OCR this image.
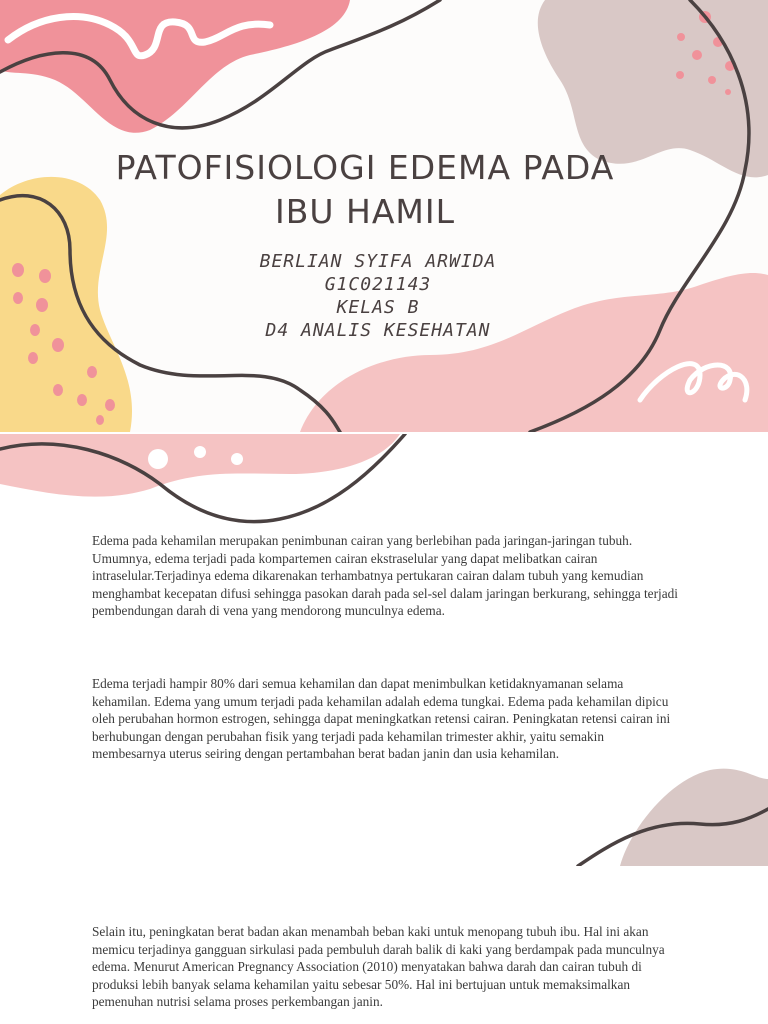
PATOFISIOLOGI EDEMA PADA
IBU HAMIL
BERLIAN SYIFA ARWIDA
G1C021143
KELAS B
D4 ANALIS KESEHATAN

Edema pada kehamilan merupakan penimbunan cairan yang berlebihan pada jaringan-jaringan tubuh. Umumnya, edema terjadi pada kompartemen cairan ekstraselular yang dapat melibatkan cairan intraselular.Terjadinya edema dikarenakan terhambatnya pertukaran cairan dalam tubuh yang kemudian menghambat kecepatan difusi sehingga pasokan darah pada sel-sel dalam jaringan berkurang, sehingga terjadi pembendungan darah di vena yang mendorong munculnya edema.

Edema terjadi hampir 80% dari semua kehamilan dan dapat menimbulkan ketidaknyamanan selama kehamilan. Edema yang umum terjadi pada kehamilan adalah edema tungkai. Edema pada kehamilan dipicu oleh perubahan hormon estrogen, sehingga dapat meningkatkan retensi cairan. Peningkatan retensi cairan ini berhubungan dengan perubahan fisik yang terjadi pada kehamilan trimester akhir, yaitu semakin membesarnya uterus seiring dengan pertambahan berat badan janin dan usia kehamilan.

Selain itu, peningkatan berat badan akan menambah beban kaki untuk menopang tubuh ibu. Hal ini akan memicu terjadinya gangguan sirkulasi pada pembuluh darah balik di kaki yang berdampak pada munculnya edema. Menurut American Pregnancy Association (2010) menyatakan bahwa darah dan cairan tubuh di produksi lebih banyak selama kehamilan yaitu sebesar 50%. Hal ini bertujuan untuk memaksimalkan pemenuhan nutrisi selama proses perkembangan janin.
